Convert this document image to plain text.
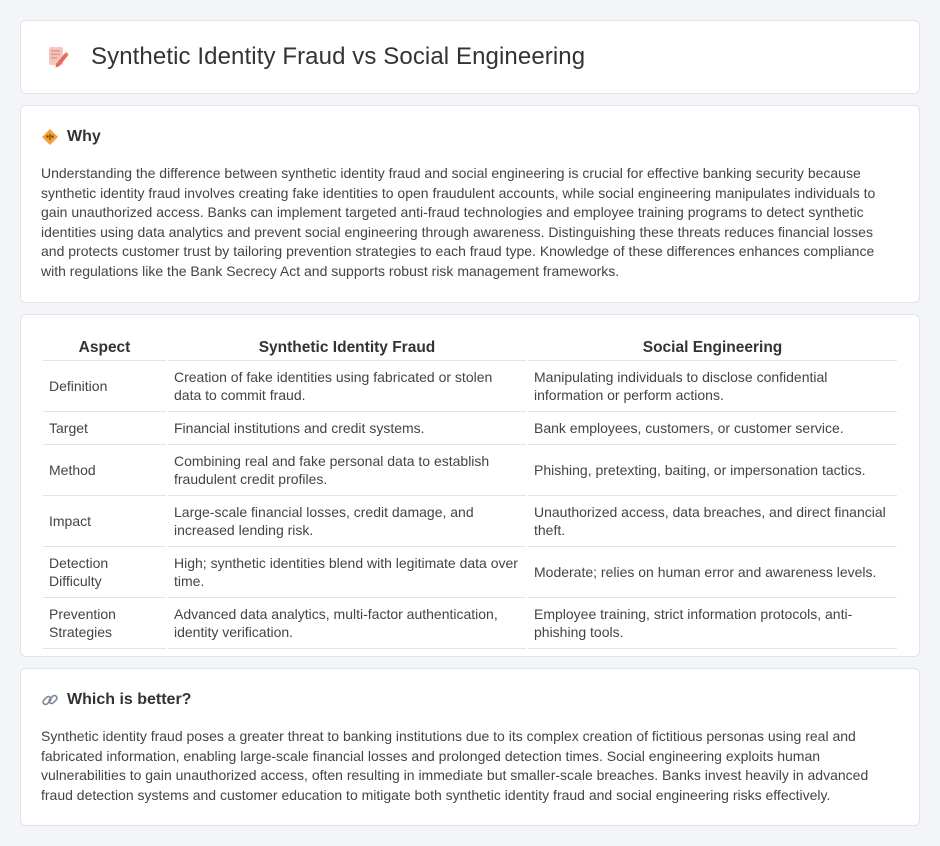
Synthetic Identity Fraud vs Social Engineering
Why

Understanding the difference between synthetic identity fraud and social engineering is crucial for effective banking security because synthetic identity fraud involves creating fake identities to open fraudulent accounts, while social engineering manipulates individuals to gain unauthorized access. Banks can implement targeted anti-fraud technologies and employee training programs to detect synthetic identities using data analytics and prevent social engineering through awareness. Distinguishing these threats reduces financial losses and protects customer trust by tailoring prevention strategies to each fraud type. Knowledge of these differences enhances compliance with regulations like the Bank Secrecy Act and supports robust risk management frameworks.

Aspect	Synthetic Identity Fraud	Social Engineering
Definition	Creation of fake identities using fabricated or stolen data to commit fraud.	Manipulating individuals to disclose confidential information or perform actions.
Target	Financial institutions and credit systems.	Bank employees, customers, or customer service.
Method	Combining real and fake personal data to establish fraudulent credit profiles.	Phishing, pretexting, baiting, or impersonation tactics.
Impact	Large-scale financial losses, credit damage, and increased lending risk.	Unauthorized access, data breaches, and direct financial theft.
Detection Difficulty	High; synthetic identities blend with legitimate data over time.	Moderate; relies on human error and awareness levels.
Prevention Strategies	Advanced data analytics, multi-factor authentication, identity verification.	Employee training, strict information protocols, anti-phishing tools.
Which is better?

Synthetic identity fraud poses a greater threat to banking institutions due to its complex creation of fictitious personas using real and fabricated information, enabling large-scale financial losses and prolonged detection times. Social engineering exploits human vulnerabilities to gain unauthorized access, often resulting in immediate but smaller-scale breaches. Banks invest heavily in advanced fraud detection systems and customer education to mitigate both synthetic identity fraud and social engineering risks effectively.
